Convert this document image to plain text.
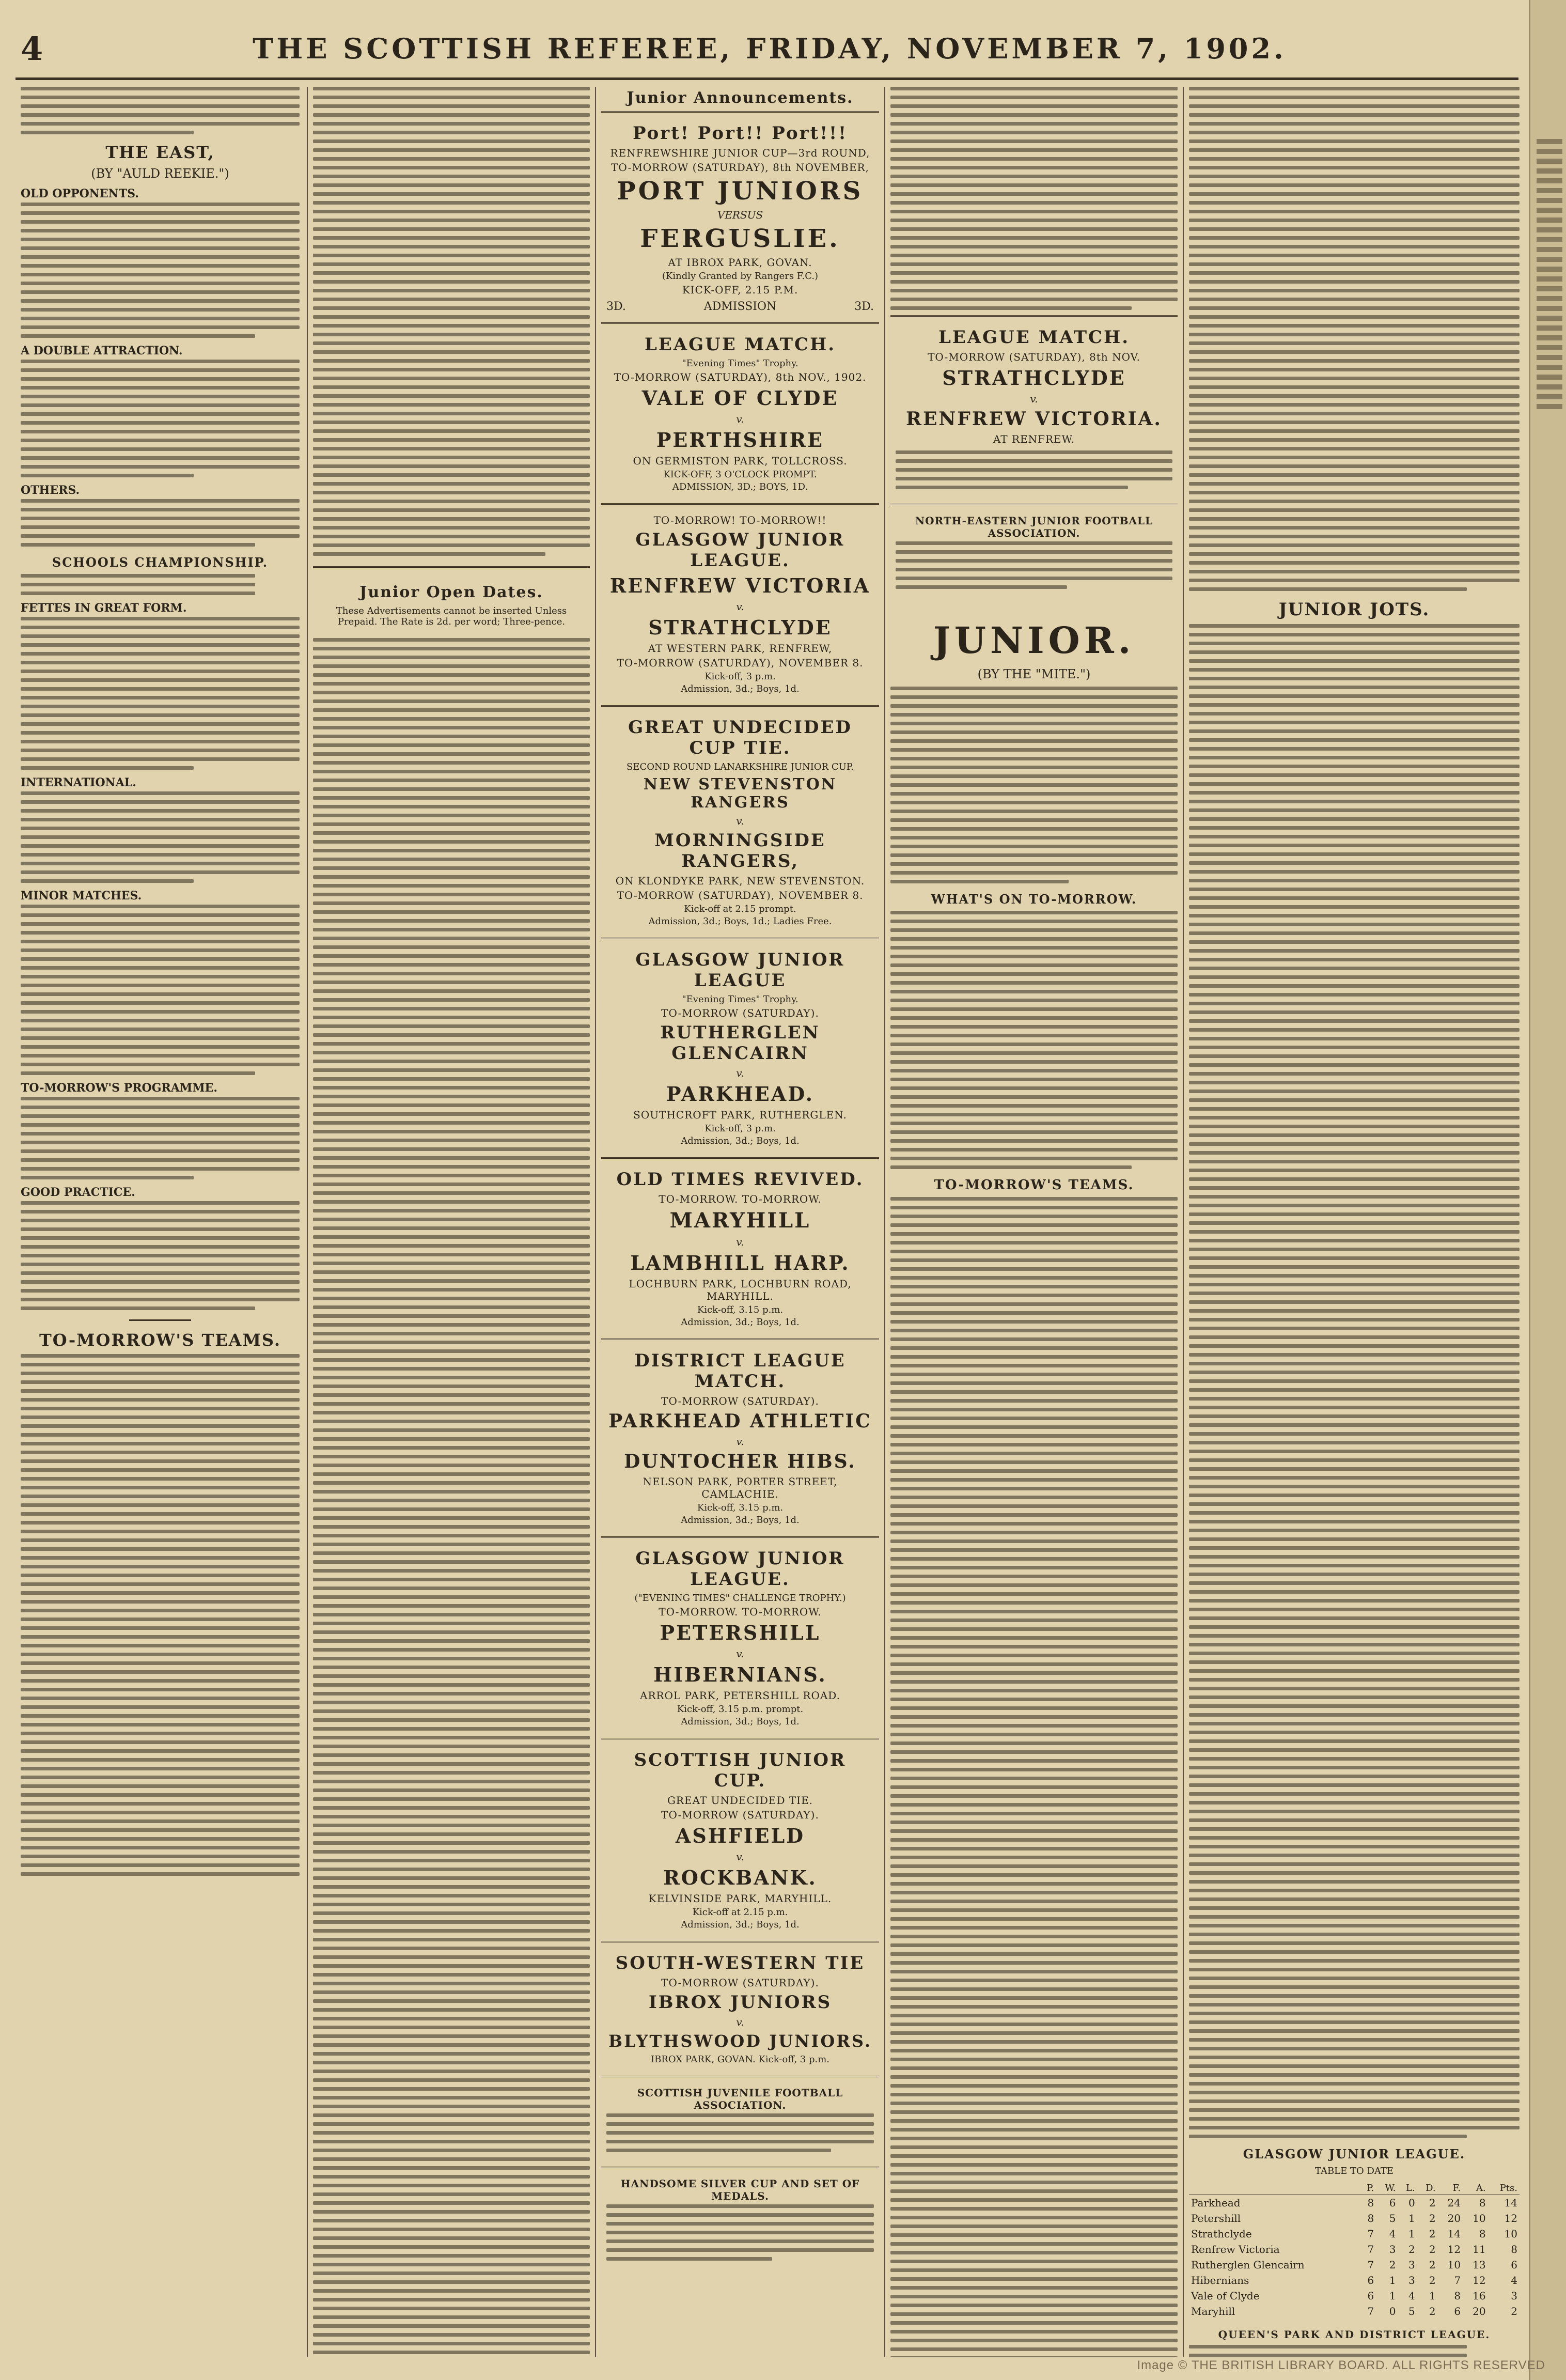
4	THE SCOTTISH REFEREE, FRIDAY, NOVEMBER 7, 1902.
THE EAST,
(BY "AULD REEKIE.")
OLD OPPONENTS.
A DOUBLE ATTRACTION.
OTHERS.
SCHOOLS CHAMPIONSHIP.
FETTES IN GREAT FORM.
INTERNATIONAL.
MINOR MATCHES.
TO-MORROW'S PROGRAMME.
GOOD PRACTICE.
TO-MORROW'S TEAMS.
Junior Open Dates.
These Advertisements cannot be inserted Unless Prepaid. The Rate is 2d. per word; Three-pence.
Junior Announcements.
Port! Port!! Port!!!
RENFREWSHIRE JUNIOR CUP—3rd ROUND,
TO-MORROW (SATURDAY), 8th NOVEMBER,
PORT JUNIORS
VERSUS
FERGUSLIE.
AT IBROX PARK, GOVAN.
(Kindly Granted by Rangers F.C.)
KICK-OFF, 2.15 P.M.
3D.	ADMISSION	3D.
LEAGUE MATCH.
"Evening Times" Trophy.
TO-MORROW (SATURDAY), 8th NOV., 1902.
VALE OF CLYDE
v.
PERTHSHIRE
ON GERMISTON PARK, TOLLCROSS.
KICK-OFF, 3 O'CLOCK PROMPT.
ADMISSION, 3D.; BOYS, 1D.
TO-MORROW! TO-MORROW!!
GLASGOW JUNIOR LEAGUE.
RENFREW VICTORIA
v.
STRATHCLYDE
AT WESTERN PARK, RENFREW,
TO-MORROW (SATURDAY), NOVEMBER 8.
Kick-off, 3 p.m.
Admission, 3d.; Boys, 1d.
GREAT UNDECIDED CUP TIE.
SECOND ROUND LANARKSHIRE JUNIOR CUP.
NEW STEVENSTON RANGERS
v.
MORNINGSIDE RANGERS,
ON KLONDYKE PARK, NEW STEVENSTON.
TO-MORROW (SATURDAY), NOVEMBER 8.
Kick-off at 2.15 prompt.
Admission, 3d.; Boys, 1d.; Ladies Free.
GLASGOW JUNIOR LEAGUE
"Evening Times" Trophy.
TO-MORROW (SATURDAY).
RUTHERGLEN GLENCAIRN
v.
PARKHEAD.
SOUTHCROFT PARK, RUTHERGLEN.
Kick-off, 3 p.m.
Admission, 3d.; Boys, 1d.
OLD TIMES REVIVED.
TO-MORROW. TO-MORROW.
MARYHILL
v.
LAMBHILL HARP.
LOCHBURN PARK, LOCHBURN ROAD, MARYHILL.
Kick-off, 3.15 p.m.
Admission, 3d.; Boys, 1d.
DISTRICT LEAGUE MATCH.
TO-MORROW (SATURDAY).
PARKHEAD ATHLETIC
v.
DUNTOCHER HIBS.
NELSON PARK, PORTER STREET, CAMLACHIE.
Kick-off, 3.15 p.m.
Admission, 3d.; Boys, 1d.
GLASGOW JUNIOR LEAGUE.
("EVENING TIMES" CHALLENGE TROPHY.)
TO-MORROW. TO-MORROW.
PETERSHILL
v.
HIBERNIANS.
ARROL PARK, PETERSHILL ROAD.
Kick-off, 3.15 p.m. prompt.
Admission, 3d.; Boys, 1d.
SCOTTISH JUNIOR CUP.
GREAT UNDECIDED TIE.
TO-MORROW (SATURDAY).
ASHFIELD
v.
ROCKBANK.
KELVINSIDE PARK, MARYHILL.
Kick-off at 2.15 p.m.
Admission, 3d.; Boys, 1d.
SOUTH-WESTERN TIE
TO-MORROW (SATURDAY).
IBROX JUNIORS
v.
BLYTHSWOOD JUNIORS.
IBROX PARK, GOVAN. Kick-off, 3 p.m.
SCOTTISH JUVENILE FOOTBALL ASSOCIATION.
HANDSOME SILVER CUP AND SET OF MEDALS.
LEAGUE MATCH.
TO-MORROW (SATURDAY), 8th NOV.
STRATHCLYDE
v.
RENFREW VICTORIA.
AT RENFREW.
NORTH-EASTERN JUNIOR FOOTBALL ASSOCIATION.
JUNIOR.
(BY THE "MITE.")
WHAT'S ON TO-MORROW.
TO-MORROW'S TEAMS.
JUNIOR JOTS.
GLASGOW JUNIOR LEAGUE.
TABLE TO DATE
	P.	W.	L.	D.	F.	A.	Pts.
Parkhead	8	6	0	2	24	8	14
Petershill	8	5	1	2	20	10	12
Strathclyde	7	4	1	2	14	8	10
Renfrew Victoria	7	3	2	2	12	11	8
Rutherglen Glencairn	7	2	3	2	10	13	6
Hibernians	6	1	3	2	7	12	4
Vale of Clyde	6	1	4	1	8	16	3
Maryhill	7	0	5	2	6	20	2
QUEEN'S PARK AND DISTRICT LEAGUE.
Image © THE BRITISH LIBRARY BOARD. ALL RIGHTS RESERVED
